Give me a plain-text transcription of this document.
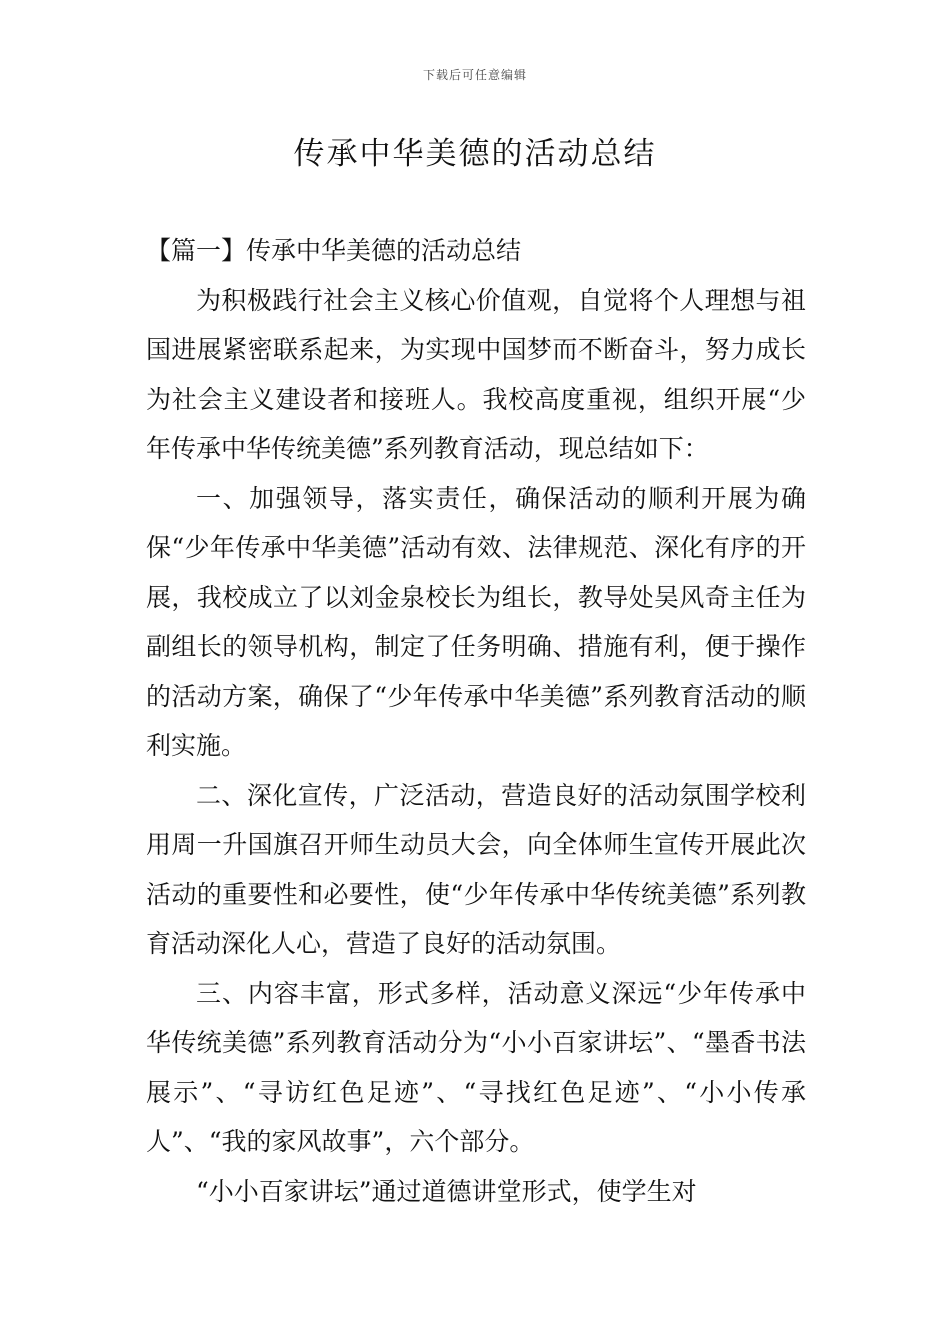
下载后可任意编辑
传承中华美德的活动总结

【篇一】传承中华美德的活动总结

为积极践行社会主义核心价值观，自觉将个人理想与祖国进展紧密联系起来，为实现中国梦而不断奋斗，努力成长为社会主义建设者和接班人。我校高度重视，组织开展“少年传承中华传统美德”系列教育活动，现总结如下：

一、加强领导，落实责任，确保活动的顺利开展为确保“少年传承中华美德”活动有效、法律规范、深化有序的开展，我校成立了以刘金泉校长为组长，教导处吴风奇主任为副组长的领导机构，制定了任务明确、措施有利，便于操作的活动方案，确保了“少年传承中华美德”系列教育活动的顺利实施。

二、深化宣传，广泛活动，营造良好的活动氛围学校利用周一升国旗召开师生动员大会，向全体师生宣传开展此次活动的重要性和必要性，使“少年传承中华传统美德”系列教育活动深化人心，营造了良好的活动氛围。

三、内容丰富，形式多样，活动意义深远“少年传承中华传统美德”系列教育活动分为“小小百家讲坛”、“墨香书法展示”、“寻访红色足迹”、“寻找红色足迹”、“小小传承人”、“我的家风故事”，六个部分。

“小小百家讲坛”通过道德讲堂形式，使学生对
